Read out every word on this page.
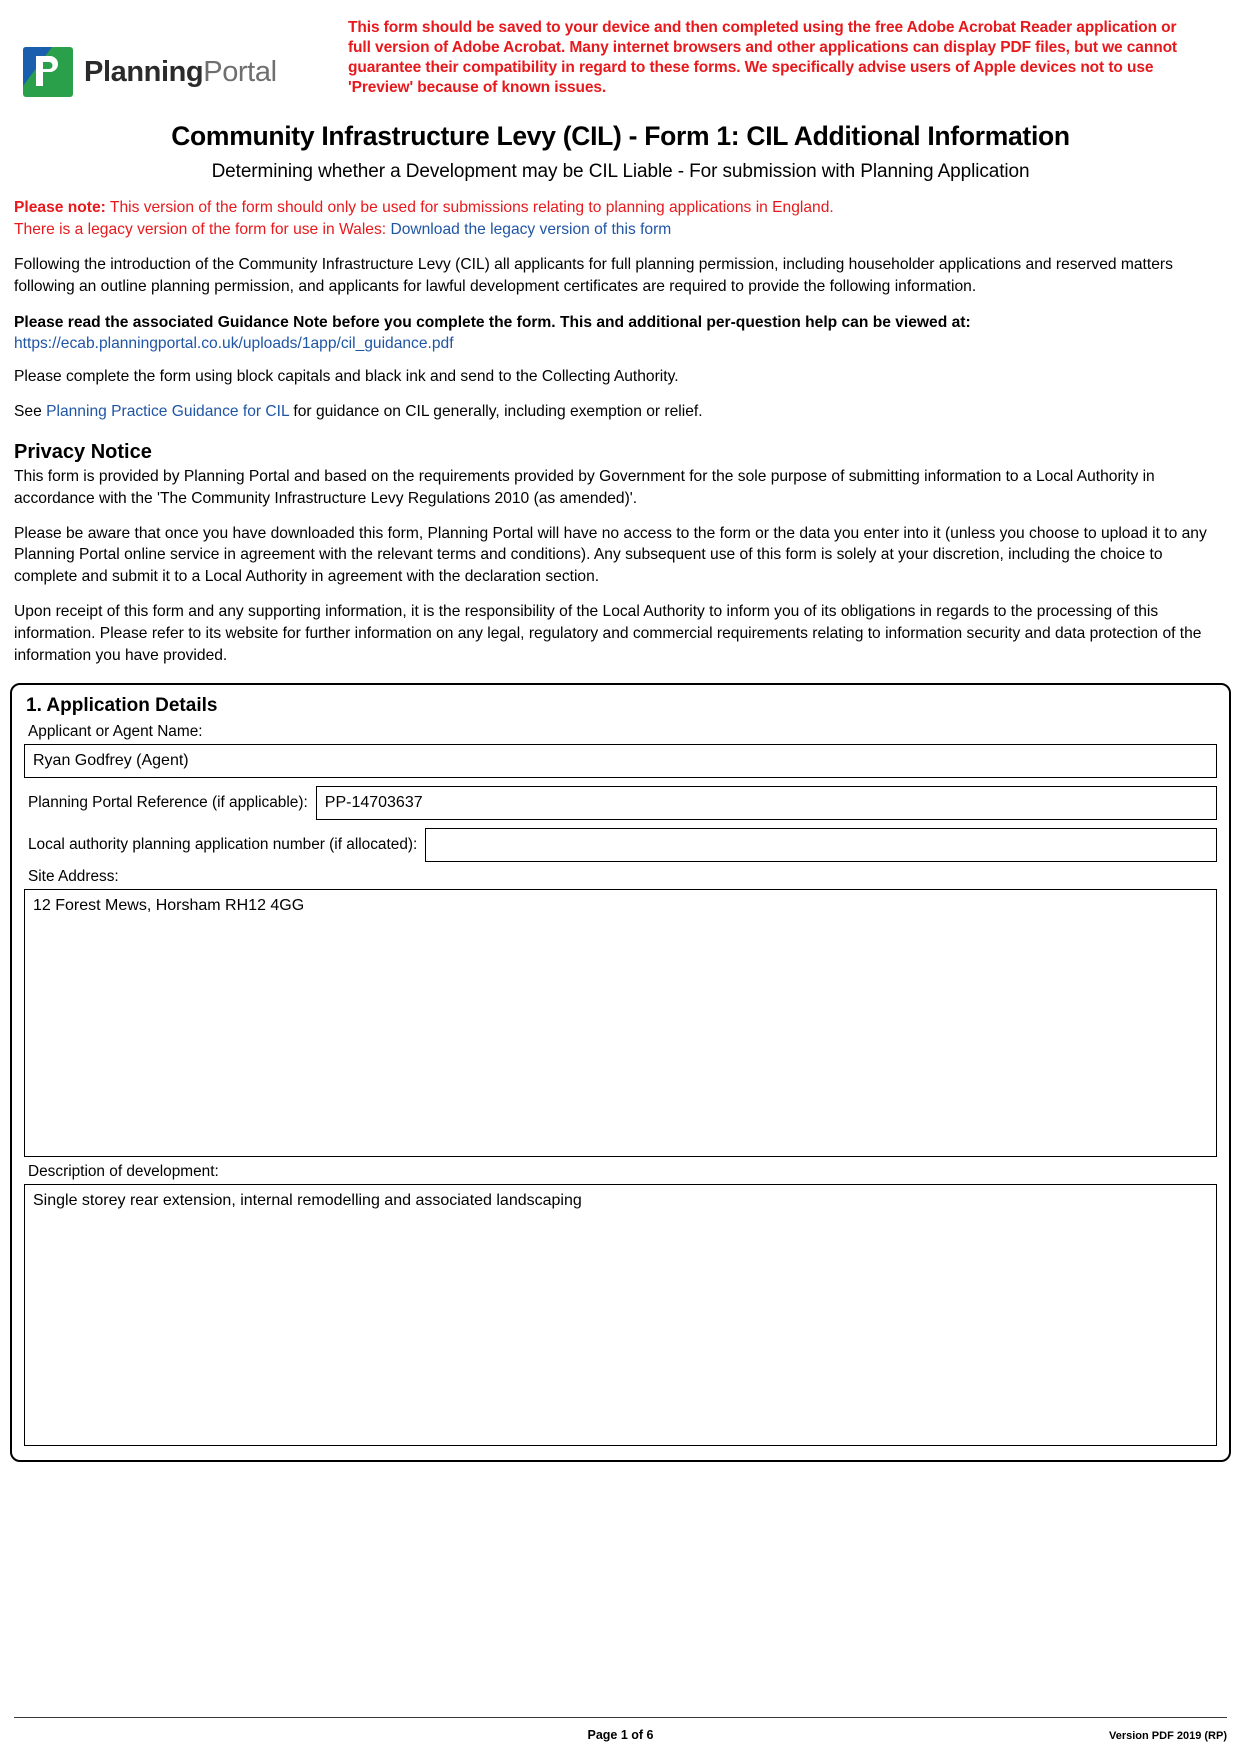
PlanningPortal
This form should be saved to your device and then completed using the free Adobe Acrobat Reader application or full version of Adobe Acrobat. Many internet browsers and other applications can display PDF files, but we cannot guarantee their compatibility in regard to these forms. We specifically advise users of Apple devices not to use 'Preview' because of known issues.
Community Infrastructure Levy (CIL) - Form 1: CIL Additional Information
Determining whether a Development may be CIL Liable - For submission with Planning Application
Please note: This version of the form should only be used for submissions relating to planning applications in England.
There is a legacy version of the form for use in Wales: Download the legacy version of this form

Following the introduction of the Community Infrastructure Levy (CIL) all applicants for full planning permission, including householder applications and reserved matters following an outline planning permission, and applicants for lawful development certificates are required to provide the following information.

Please read the associated Guidance Note before you complete the form. This and additional per-question help can be viewed at:
https://ecab.planningportal.co.uk/uploads/1app/cil_guidance.pdf

Please complete the form using block capitals and black ink and send to the Collecting Authority.

See Planning Practice Guidance for CIL for guidance on CIL generally, including exemption or relief.

Privacy Notice

This form is provided by Planning Portal and based on the requirements provided by Government for the sole purpose of submitting information to a Local Authority in accordance with the 'The Community Infrastructure Levy Regulations 2010 (as amended)'.

Please be aware that once you have downloaded this form, Planning Portal will have no access to the form or the data you enter into it (unless you choose to upload it to any Planning Portal online service in agreement with the relevant terms and conditions). Any subsequent use of this form is solely at your discretion, including the choice to complete and submit it to a Local Authority in agreement with the declaration section.

Upon receipt of this form and any supporting information, it is the responsibility of the Local Authority to inform you of its obligations in regards to the processing of this information. Please refer to its website for further information on any legal, regulatory and commercial requirements relating to information security and data protection of the information you have provided.

1. Application Details
Applicant or Agent Name:
Ryan Godfrey (Agent)
Planning Portal Reference (if applicable):	PP-14703637
Local authority planning application number (if allocated):
Site Address:
12 Forest Mews, Horsham RH12 4GG
Description of development:
Single storey rear extension, internal remodelling and associated landscaping
Page 1 of 6	Version PDF 2019 (RP)
